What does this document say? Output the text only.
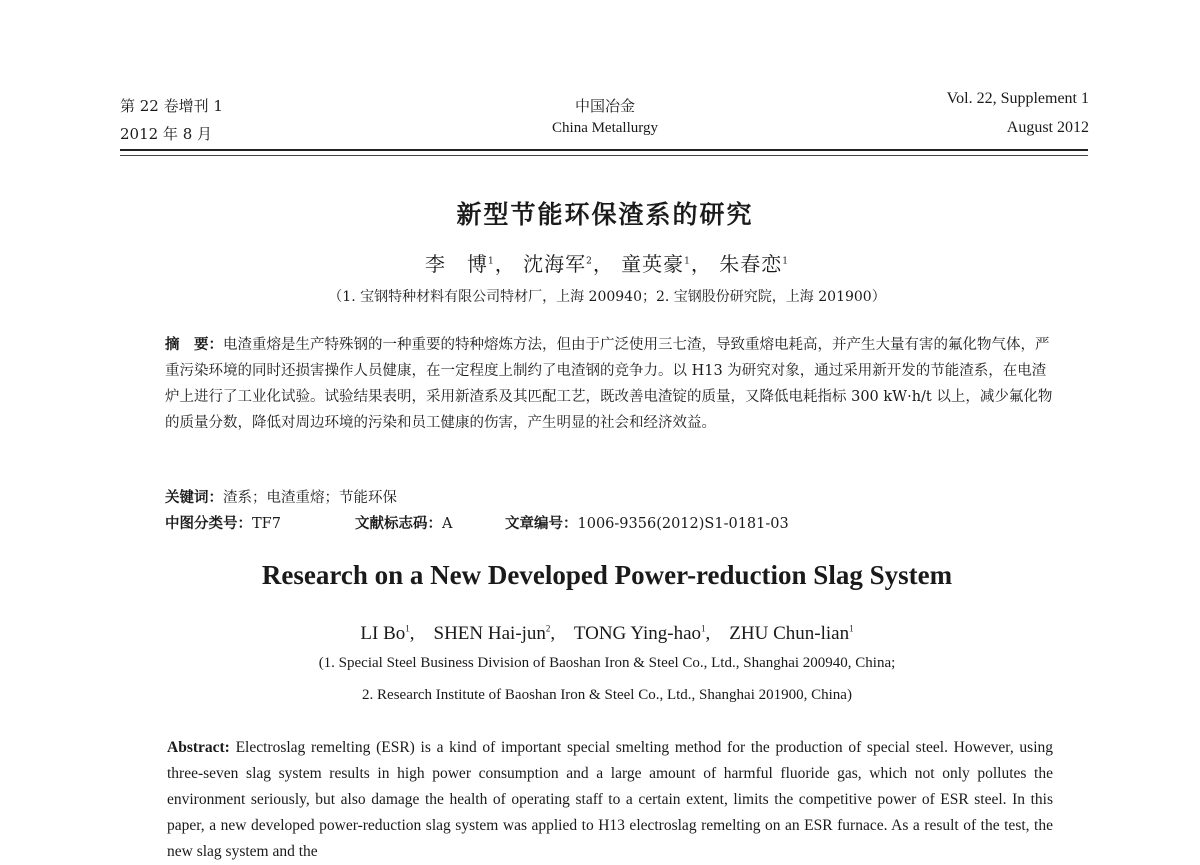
第 22 卷增刊 1
2012 年 8 月
中国冶金
China Metallurgy
Vol. 22, Supplement 1
August 2012
新型节能环保渣系的研究
李　博$^1$， 沈海军$^2$， 童英豪$^1$， 朱春恋$^1$
（1. 宝钢特种材料有限公司特材厂，上海 200940；2. 宝钢股份研究院，上海 201900）

摘　要：电渣重熔是生产特殊钢的一种重要的特种熔炼方法，但由于广泛使用三七渣，导致重熔电耗高，并产生大量有害的氟化物气体，严重污染环境的同时还损害操作人员健康，在一定程度上制约了电渣钢的竞争力。以 H13 为研究对象，通过采用新开发的节能渣系，在电渣炉上进行了工业化试验。试验结果表明，采用新渣系及其匹配工艺，既改善电渣锭的质量，又降低电耗指标 300 kW·h/t 以上，减少氟化物的质量分数，降低对周边环境的污染和员工健康的伤害，产生明显的社会和经济效益。

关键词：渣系；电渣重熔；节能环保
中图分类号：TF7	文献标志码：A	文章编号：1006-9356(2012)S1-0181-03
Research on a New Developed Power-reduction Slag System
LI Bo$^1$,    SHEN Hai-jun$^2$,    TONG Ying-hao$^1$,    ZHU Chun-lian$^1$
(1. Special Steel Business Division of Baoshan Iron & Steel Co., Ltd., Shanghai 200940, China;
2. Research Institute of Baoshan Iron & Steel Co., Ltd., Shanghai 201900, China)
Abstract: Electroslag remelting (ESR) is a kind of important special smelting method for the production of special steel. However, using three-seven slag system results in high power consumption and a large amount of harmful fluoride gas, which not only pollutes the environment seriously, but also damage the health of operating staff to a certain extent, limits the competitive power of ESR steel. In this paper, a new developed power-reduction slag system was applied to H13 electroslag remelting on an ESR furnace. As a result of the test, the new slag system and the
